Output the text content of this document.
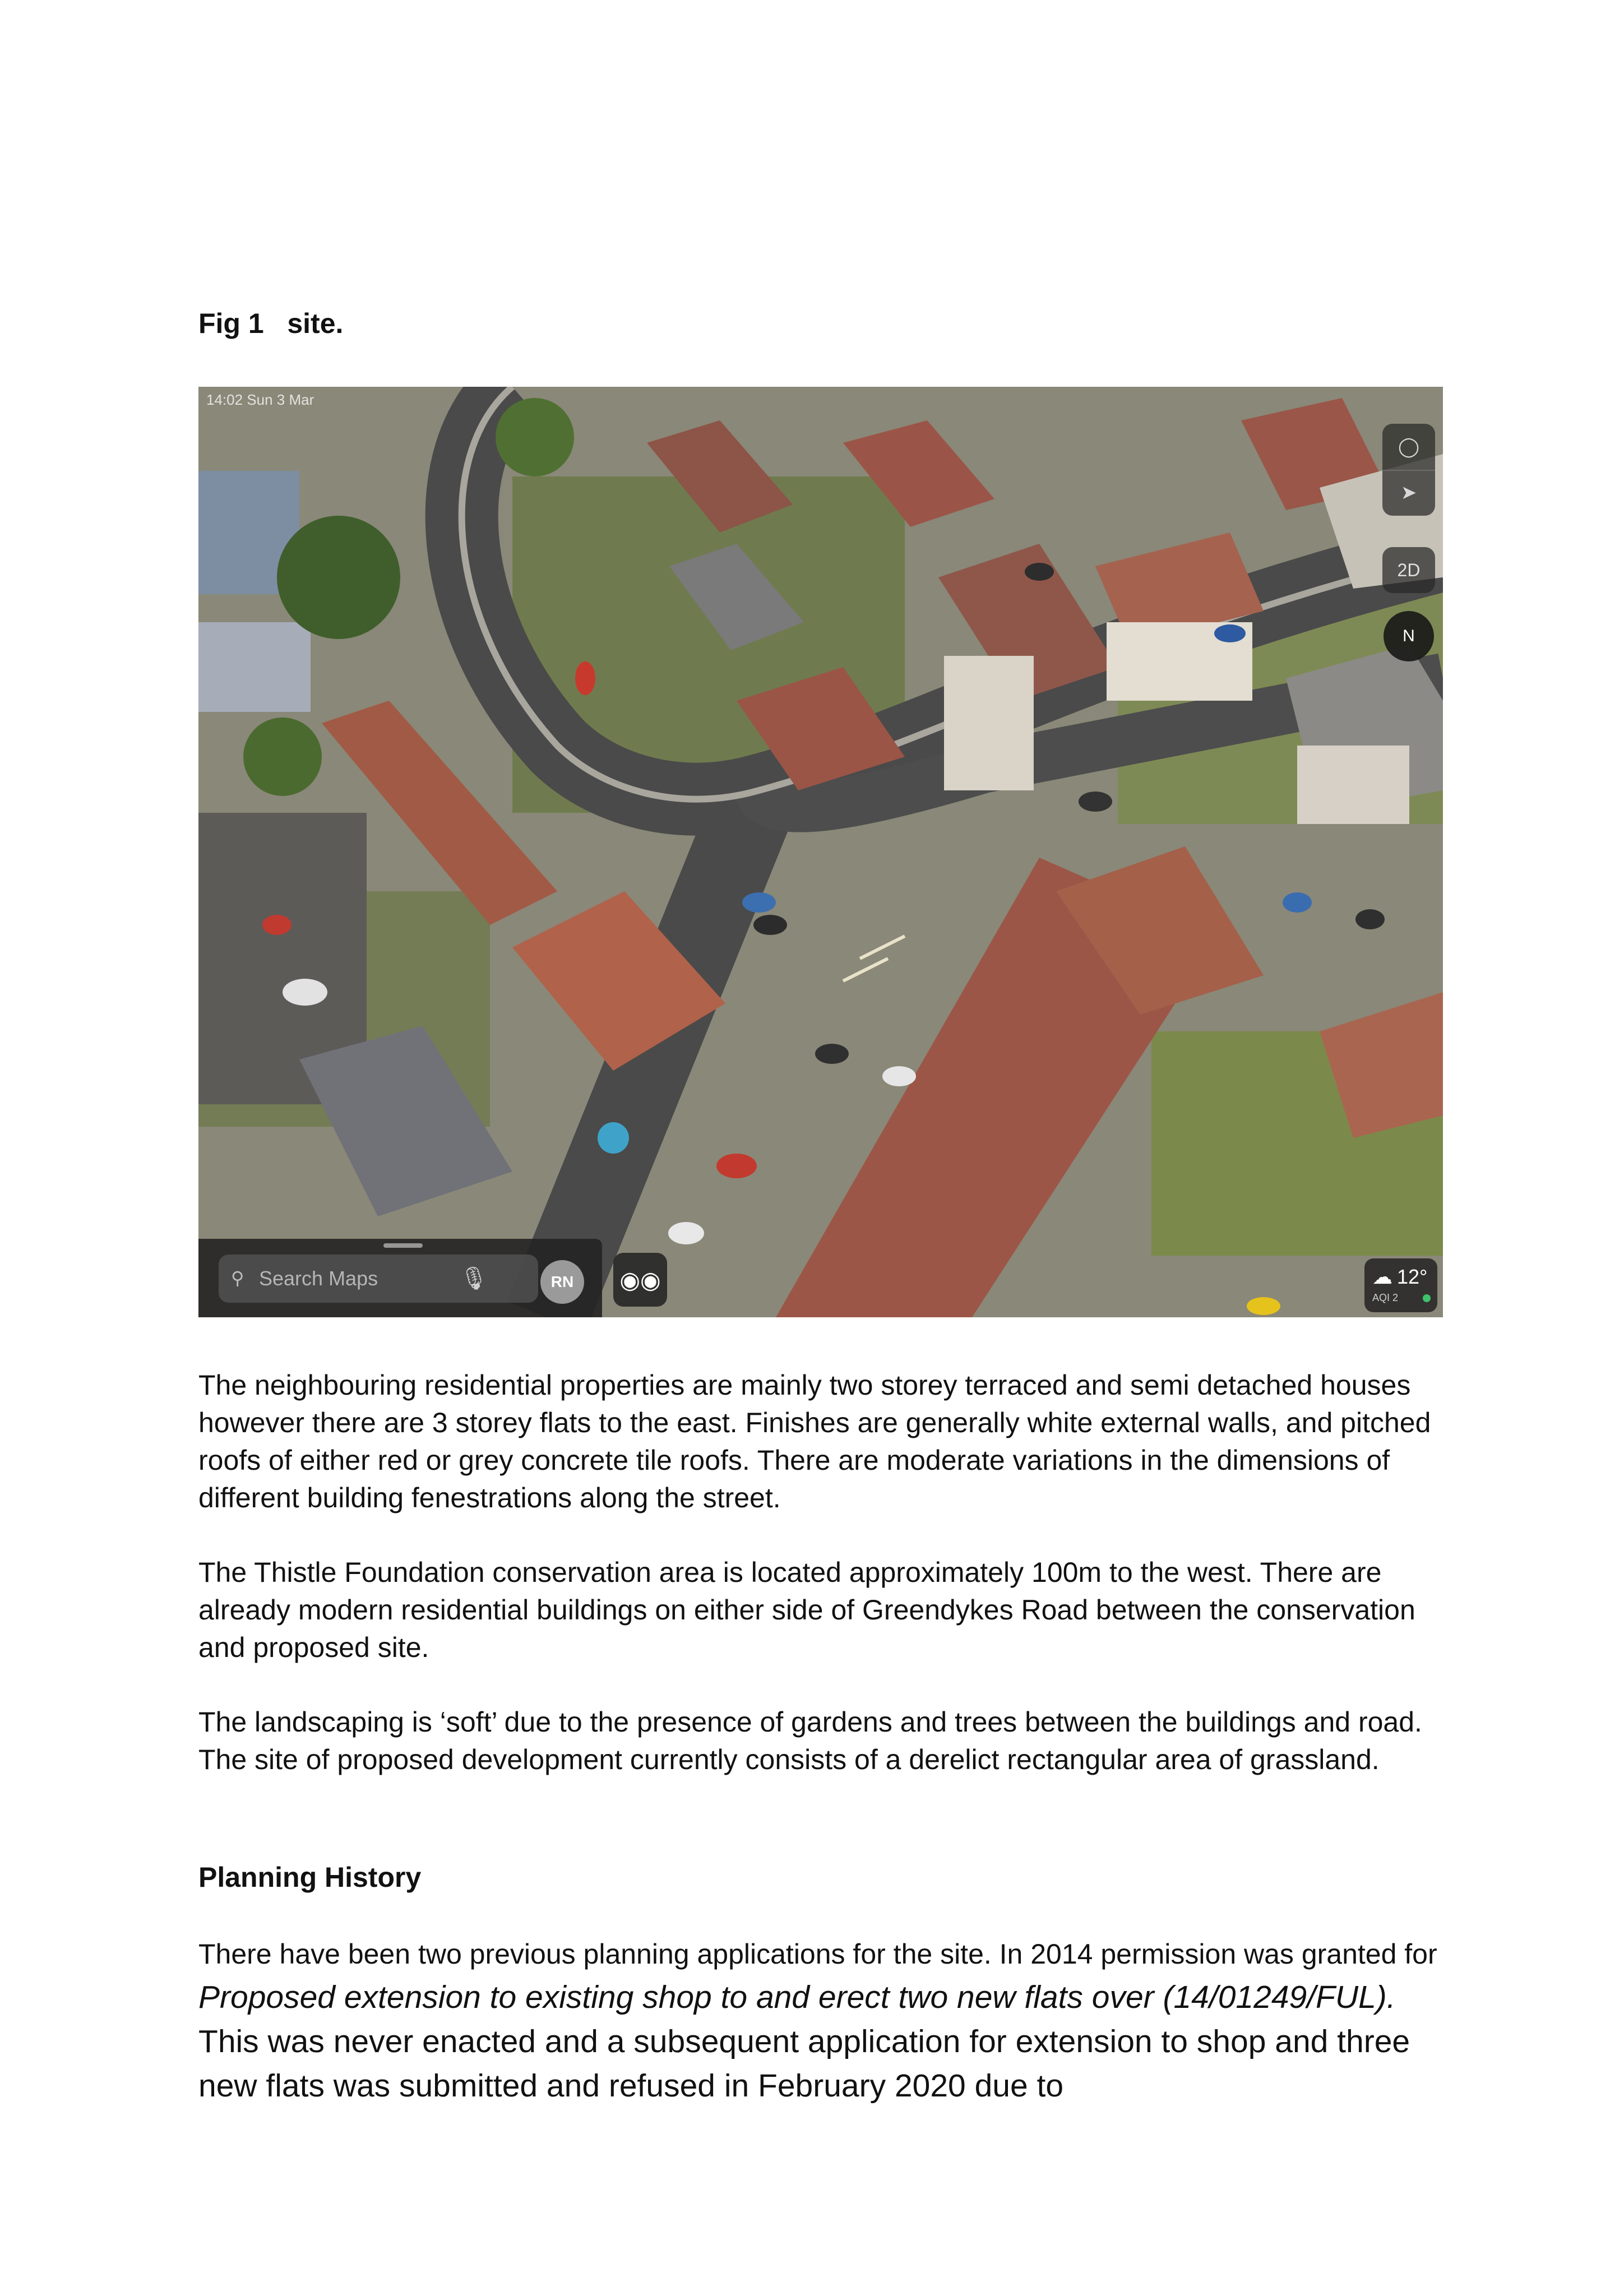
Fig 1   site.
14:02 Sun 3 Mar
◯
➤
2D
N
⚲ Search Maps	🎙	RN	◉◉	☁ 12°
AQI 2

The neighbouring residential properties are mainly two storey terraced and semi detached houses however there are 3 storey flats to the east. Finishes are generally white external walls, and pitched roofs of either red or grey concrete tile roofs. There are moderate variations in the dimensions of different building fenestrations along the street.

The Thistle Foundation conservation area is located approximately 100m to the west. There are already modern residential buildings on either side of Greendykes Road between the conservation and proposed site.

The landscaping is ‘soft’ due to the presence of gardens and trees between the buildings and road. The site of proposed development currently consists of a derelict rectangular area of grassland.

Planning History

There have been two previous planning applications for the site. In 2014 permission was granted for Proposed extension to existing shop to and erect two new flats over (14/01249/FUL). This was never enacted and a subsequent application for extension to shop and three new flats was submitted and refused in February 2020 due to
